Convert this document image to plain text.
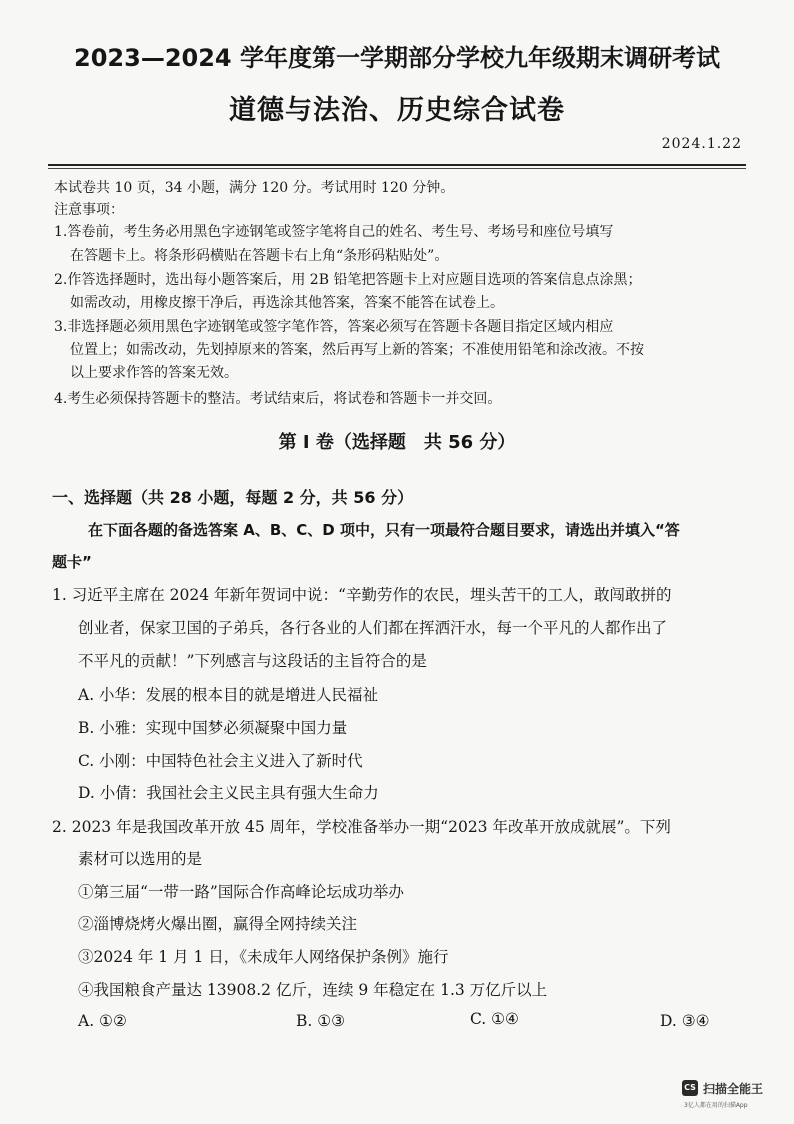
2023—2024 学年度第一学期部分学校九年级期末调研考试
道德与法治、历史综合试卷
2024.1.22
本试卷共 10 页，34 小题，满分 120 分。考试用时 120 分钟。
注意事项：
1.答卷前，考生务必用黑色字迹钢笔或签字笔将自己的姓名、考生号、考场号和座位号填写
在答题卡上。将条形码横贴在答题卡右上角“条形码粘贴处”。
2.作答选择题时，选出每小题答案后，用 2B 铅笔把答题卡上对应题目选项的答案信息点涂黑；
如需改动，用橡皮擦干净后，再选涂其他答案，答案不能答在试卷上。
3.非选择题必须用黑色字迹钢笔或签字笔作答，答案必须写在答题卡各题目指定区域内相应
位置上；如需改动，先划掉原来的答案，然后再写上新的答案；不准使用铅笔和涂改液。不按
以上要求作答的答案无效。
4.考生必须保持答题卡的整洁。考试结束后，将试卷和答题卡一并交回。
第 I 卷（选择题　共 56 分）
一、选择题（共 28 小题，每题 2 分，共 56 分）
在下面各题的备选答案 A、B、C、D 项中，只有一项最符合题目要求，请选出并填入“答
题卡”
1. 习近平主席在 2024 年新年贺词中说：“辛勤劳作的农民，埋头苦干的工人，敢闯敢拼的
创业者，保家卫国的子弟兵，各行各业的人们都在挥洒汗水，每一个平凡的人都作出了
不平凡的贡献！”下列感言与这段话的主旨符合的是
A. 小华：发展的根本目的就是增进人民福祉
B. 小雅：实现中国梦必须凝聚中国力量
C. 小刚：中国特色社会主义进入了新时代
D. 小倩：我国社会主义民主具有强大生命力
2. 2023 年是我国改革开放 45 周年，学校准备举办一期“2023 年改革开放成就展”。下列
素材可以选用的是
①第三届“一带一路”国际合作高峰论坛成功举办
②淄博烧烤火爆出圈，赢得全网持续关注
③2024 年 1 月 1 日，《未成年人网络保护条例》施行
④我国粮食产量达 13908.2 亿斤，连续 9 年稳定在 1.3 万亿斤以上
A. ①②	B. ①③	C. ①④	D. ③④
CS 扫描全能王
3亿人都在用的扫描App
